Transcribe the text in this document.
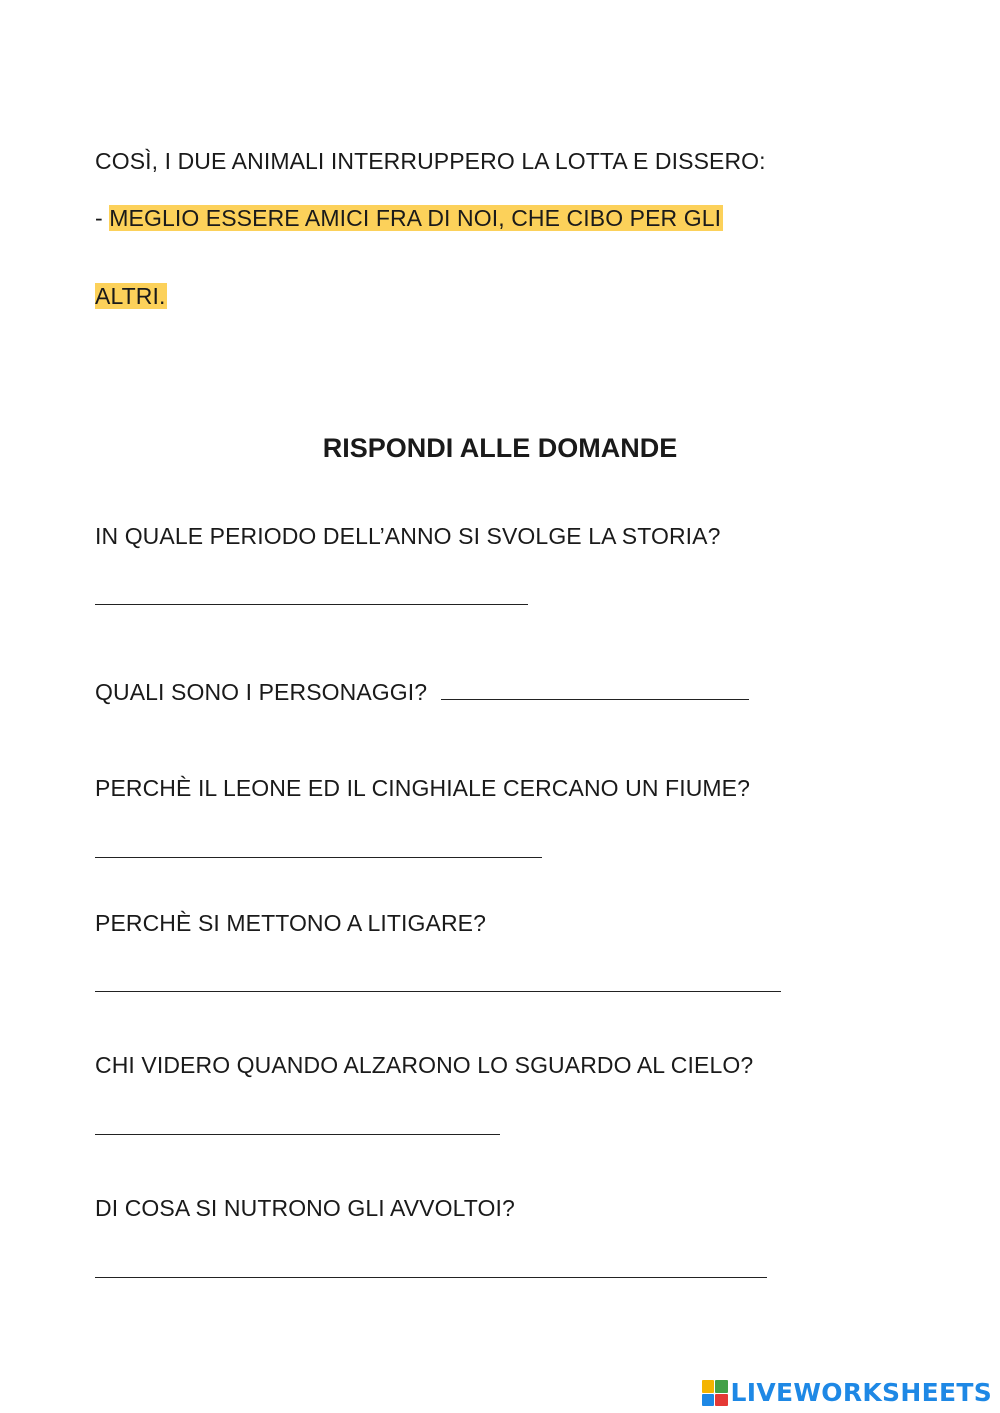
COSÌ, I DUE ANIMALI INTERRUPPERO LA LOTTA E DISSERO:
- MEGLIO ESSERE AMICI FRA DI NOI, CHE CIBO PER GLI
ALTRI.
RISPONDI ALLE DOMANDE
IN QUALE PERIODO DELL’ANNO SI SVOLGE LA STORIA?
QUALI SONO I PERSONAGGI?
PERCHÈ IL LEONE ED IL CINGHIALE CERCANO UN FIUME?
PERCHÈ SI METTONO A LITIGARE?
CHI VIDERO QUANDO ALZARONO LO SGUARDO AL CIELO?
DI COSA SI NUTRONO GLI AVVOLTOI?
LIVEWORKSHEETS
